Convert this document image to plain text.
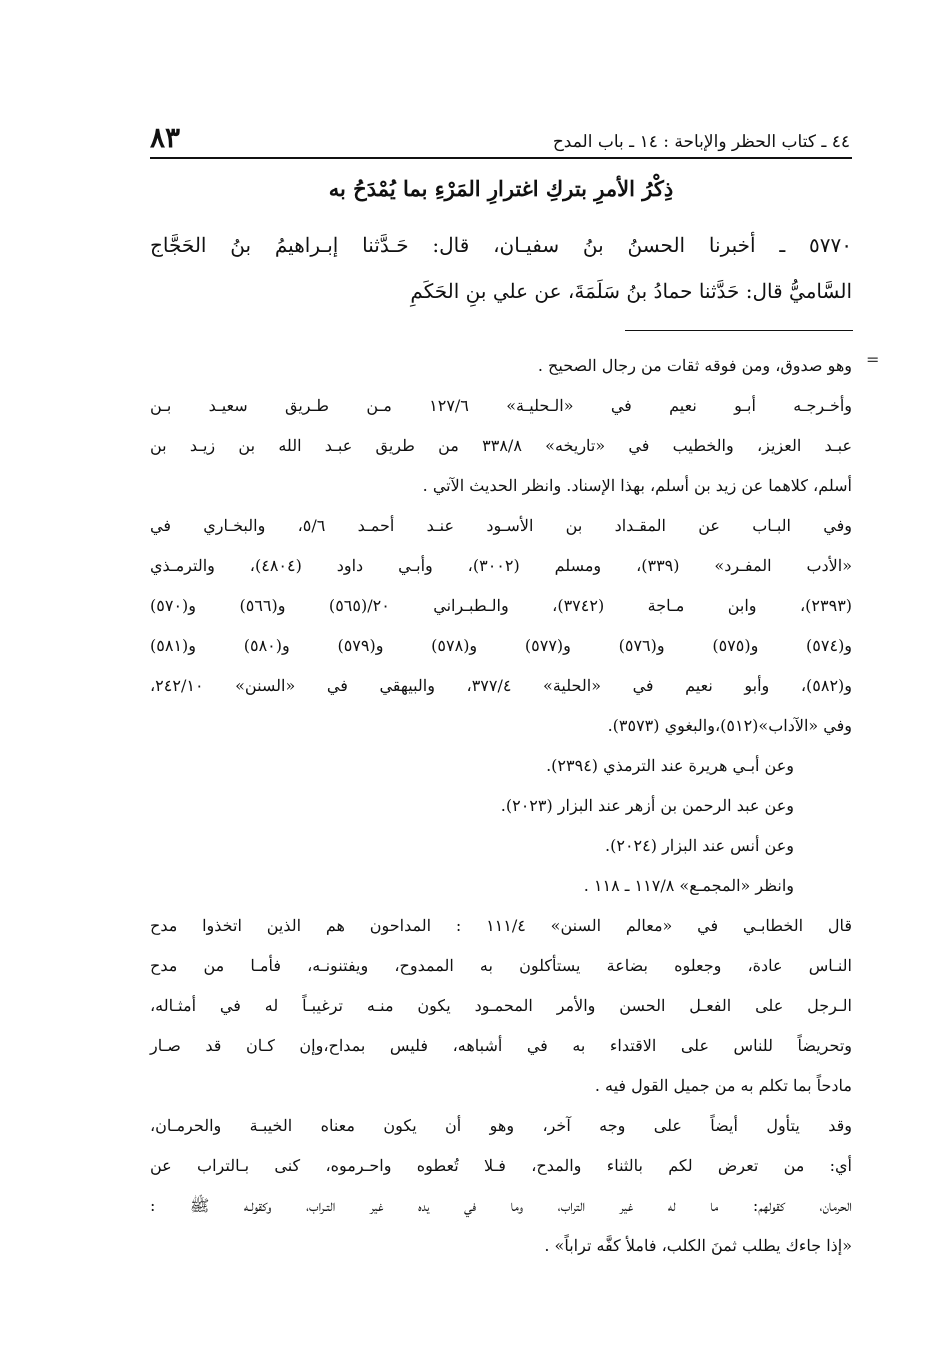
٤٤ ـ كتاب الحظر والإباحة : ١٤ ـ باب المدح
٨٣
ذِكْرُ الأمرِ بتركِ اغترارِ المَرْءِ بما يُمْدَحُ به
٥٧٧٠ ـ أخبرنا الحسنُ بنُ سفيـان، قال: حَـدَّثنا إبـراهيمُ بنُ الحَجَّاج
السَّاميُّ قال: حَدَّثنا حمادُ بنُ سَلَمَةَ، عن علي بنِ الحَكَمِ
=
وهو صدوق، ومن فوقه ثقات من رجال الصحيح .
وأخـرجـه أبـو نعيم في «الـحليـة» ١٢٧/٦ مـن طـريق سعيـد بـن
عبـد العزيز، والخطيب في «تاريخه» ٣٣٨/٨ من طريق عبـد الله بن زيـد بن
أسلم، كلاهما عن زيد بن أسلم، بهذا الإسناد. وانظر الحديث الآتي .
وفي البـاب عن المقـداد بن الأسـود عنـد أحمـد ٥/٦، والبخـاري في
«الأدب المفـرد» (٣٣٩)، ومسلم (٣٠٠٢)، وأبـي داود (٤٨٠٤)، والترمـذي
(٢٣٩٣)، وابن مـاجة (٣٧٤٢)، والـطبـراني ٢٠/(٥٦٥) و(٥٦٦) و(٥٧٠)
و(٥٧٤) و(٥٧٥) و(٥٧٦) و(٥٧٧) و(٥٧٨) و(٥٧٩) و(٥٨٠) و(٥٨١)
و(٥٨٢)، وأبو نعيم في «الحلية» ٣٧٧/٤، والبيهقي في «السنن» ٢٤٢/١٠،
وفي «الآداب»(٥١٢)،والبغوي (٣٥٧٣).
وعن أبـي هريرة عند الترمذي (٢٣٩٤).
وعن عبد الرحمن بن أزهر عند البزار (٢٠٢٣).
وعن أنس عند البزار (٢٠٢٤).
وانظر «المجمـع» ١١٧/٨ ـ ١١٨ .
قال الخطابـي في «معالم السنن» ١١١/٤ : المداحون هم الذين اتخذوا مدح
النـاس عادة، وجعلوه بضاعة يستأكلون به الممدوح، ويفتنونـه، فأمـا من مدح
الـرجل على الفعـل الحسن والأمر المحمـود يكون منـه ترغيبـاً له في أمثـاله،
وتحريضاً للناس على الاقتداء به في أشباهه، فليس بمداح،وإن كـان قد صـار
مادحاً بما تكلم به من جميل القول فيه .
وقد يتأول أيضاً على وجه آخر، وهو أن يكون معناه الخيبـة والحرمـان،
أي: من تعرض لكم بالثناء والمدح، فـلا تُعطوه واحـرموه، كنى بـالتراب عن
الحرمان، كقولهم: ما له غير التراب، وما في يده غير التـراب، وكقولـه ﷺ :
«إذا جاءك يطلب ثمنَ الكلب، فاملأ كفَّه تراباً» .
